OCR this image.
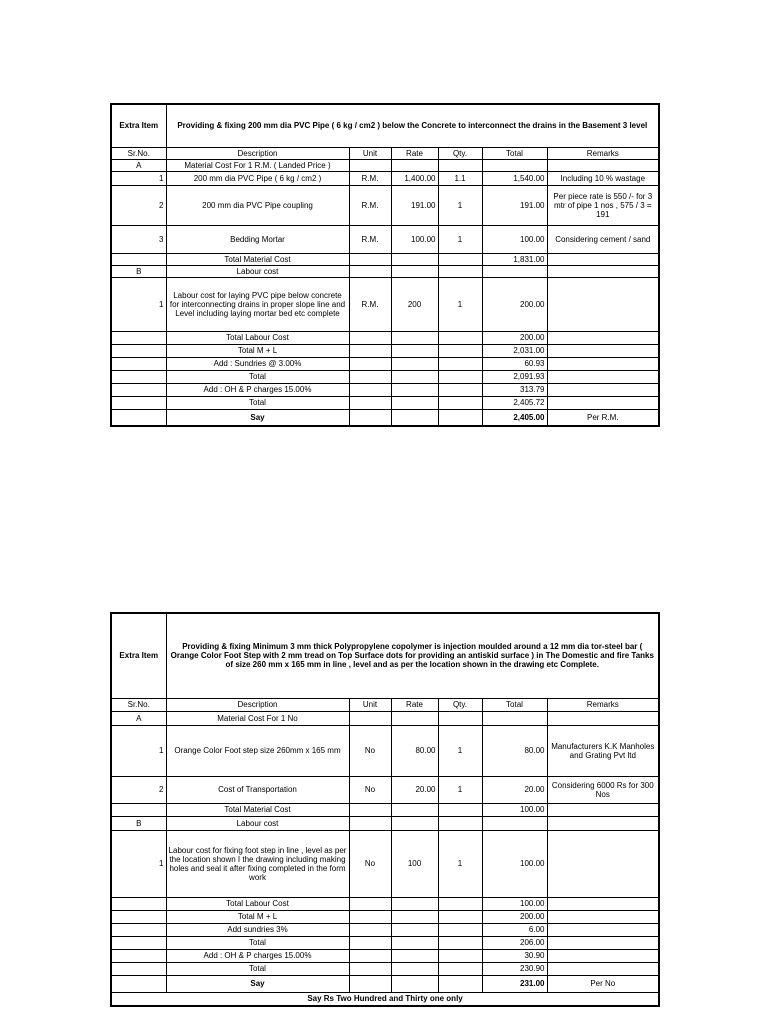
Extra Item	Providing & fixing 200 mm dia PVC Pipe ( 6 kg / cm2 ) below the Concrete to interconnect the drains in the Basement 3 level					
Sr.No.	Description	Unit	Rate	Qty.	Total	Remarks
A	Material Cost For 1 R.M. ( Landed Price )					
1	200 mm dia PVC Pipe ( 6 kg / cm2 )	R.M.	1,400.00	1.1	1,540.00	Including 10 % wastage
2	200 mm dia PVC Pipe coupling	R.M.	191.00	1	191.00	Per piece rate is 550 /- for 3 mtr of pipe 1 nos , 575 / 3 = 191
3	Bedding Mortar	R.M.	100.00	1	100.00	Considering cement / sand
	Total Material Cost				1,831.00	
B	Labour cost					
1	Labour cost for laying PVC pipe below concrete for interconnecting drains in proper slope line and Level including laying mortar bed etc complete	R.M.	200	1	200.00	
	Total Labour Cost				200.00	
	Total M + L				2,031.00	
	Add : Sundries @ 3.00%				60.93	
	Total				2,091.93	
	Add : OH & P charges 15.00%				313.79	
	Total				2,405.72	
	Say				2,405.00	Per R.M.
Extra Item	Providing & fixing Minimum 3 mm thick Polypropylene copolymer is injection moulded around a 12 mm dia tor-steel bar ( Orange Color Foot Step with 2 mm tread on Top Surface dots for providing an antiskid surface ) in The Domestic and fire Tanks of size 260 mm x 165 mm in line , level and as per the location shown in the drawing etc Complete.					
Sr.No.	Description	Unit	Rate	Qty.	Total	Remarks
A	Material Cost For 1 No					
1	Orange Color Foot step size 260mm x 165 mm	No	80.00	1	80.00	Manufacturers K.K Manholes and Grating Pvt ltd
2	Cost of Transportation	No	20.00	1	20.00	Considering 6000 Rs for 300 Nos
	Total Material Cost				100.00	
B	Labour cost					
1	Labour cost for fixing foot step in line , level as per the location shown I the drawing including making holes and seal it after fixing completed in the form work	No	100	1	100.00	
	Total Labour Cost				100.00	
	Total M + L				200.00	
	Add sundries 3%				6.00	
	Total				206.00	
	Add : OH & P charges 15.00%				30.90	
	Total				230.90	
	Say				231.00	Per No
Say Rs Two Hundred and Thirty one only						
